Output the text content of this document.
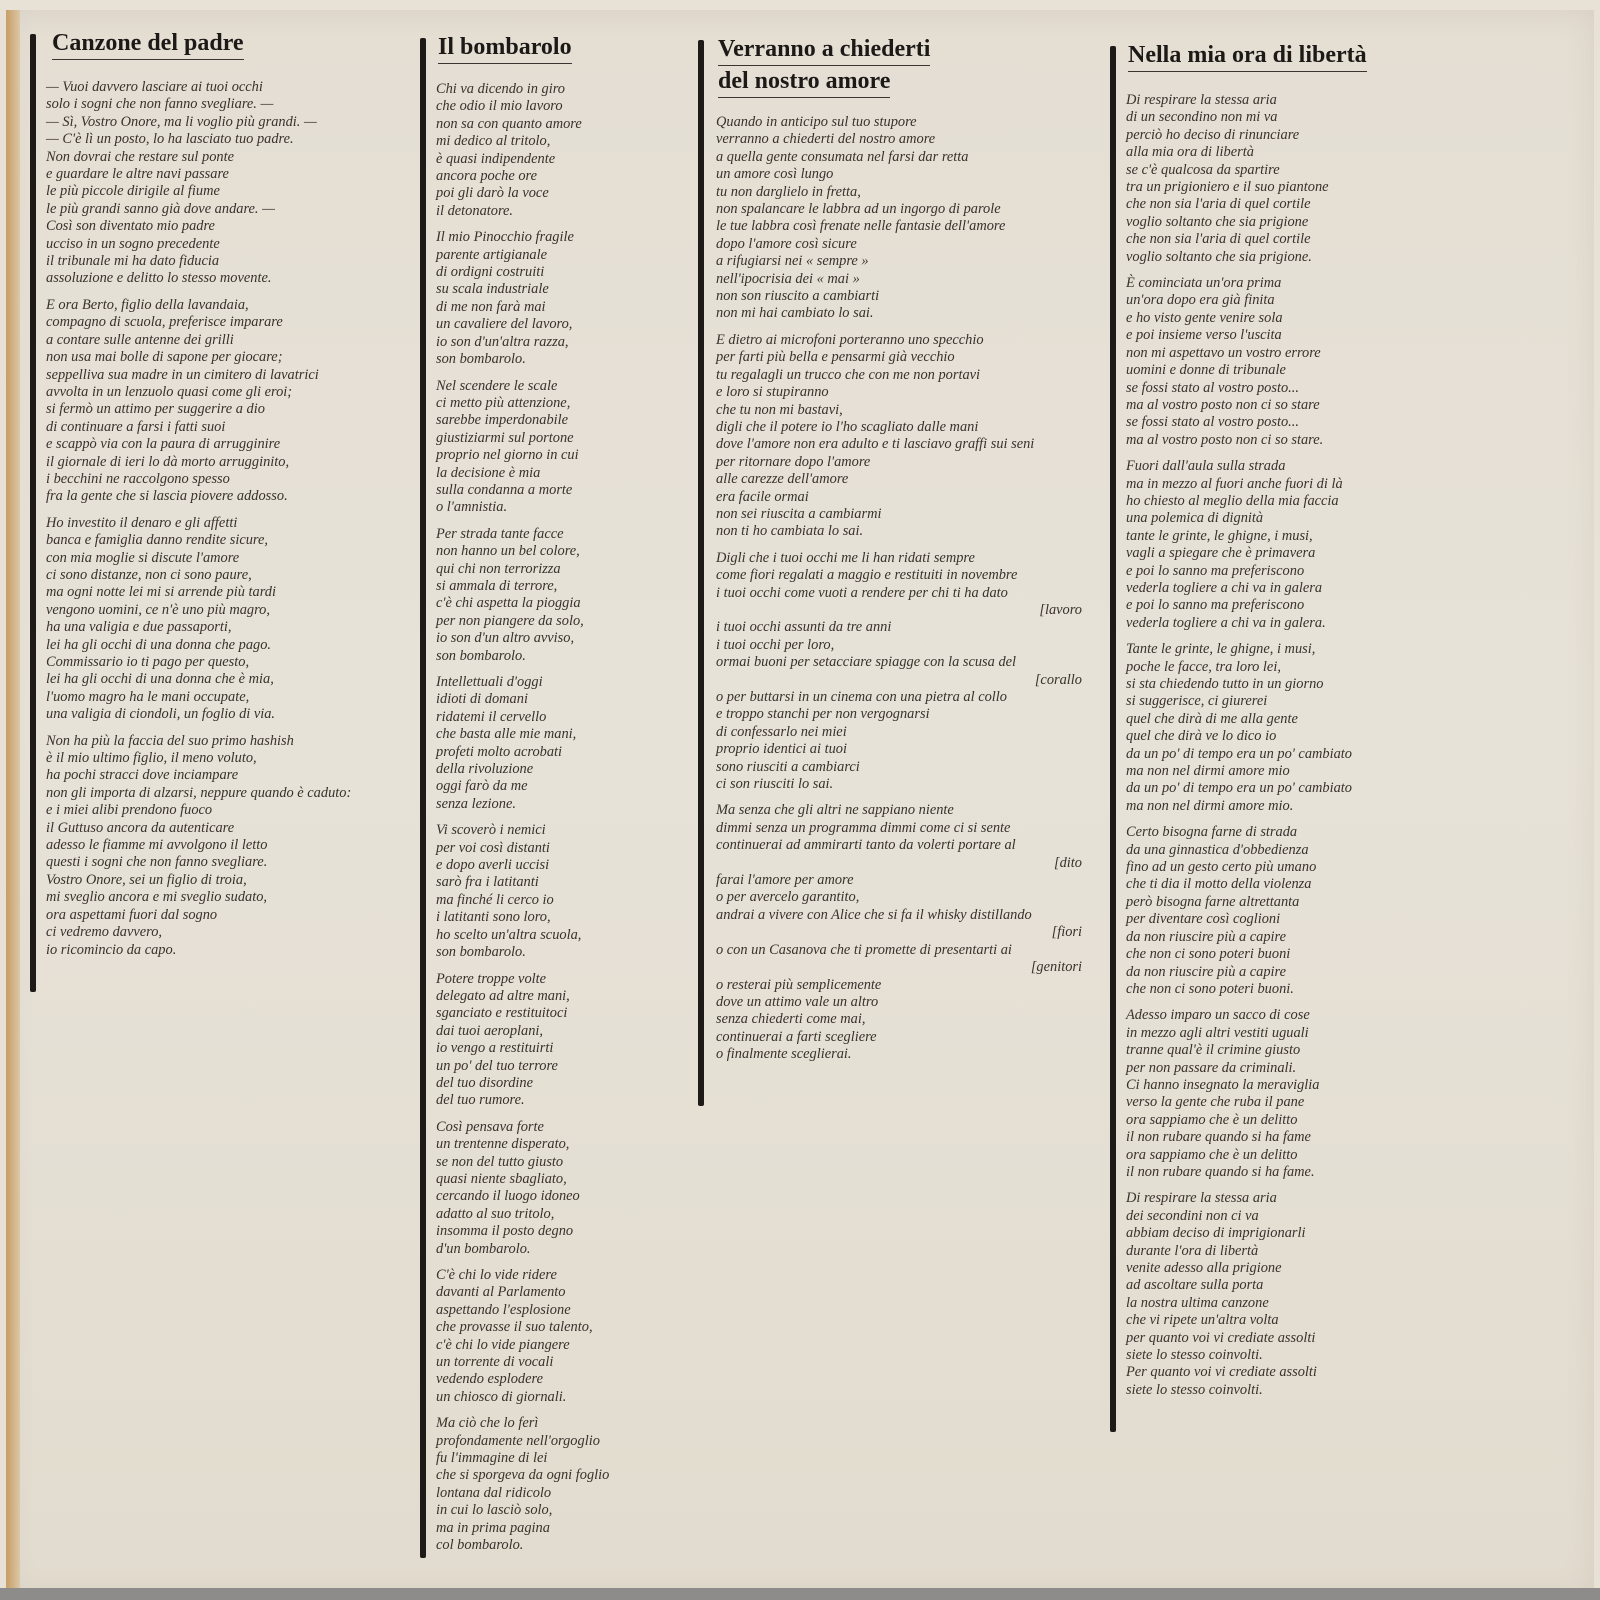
Canzone del padre
— Vuoi davvero lasciare ai tuoi occhi
solo i sogni che non fanno svegliare. —
— Sì, Vostro Onore, ma li voglio più grandi. —
— C'è lì un posto, lo ha lasciato tuo padre.
Non dovrai che restare sul ponte
e guardare le altre navi passare
le più piccole dirigile al fiume
le più grandi sanno già dove andare. —
Così son diventato mio padre
ucciso in un sogno precedente
il tribunale mi ha dato fiducia
assoluzione e delitto lo stesso movente.
E ora Berto, figlio della lavandaia,
compagno di scuola, preferisce imparare
a contare sulle antenne dei grilli
non usa mai bolle di sapone per giocare;
seppelliva sua madre in un cimitero di lavatrici
avvolta in un lenzuolo quasi come gli eroi;
si fermò un attimo per suggerire a dio
di continuare a farsi i fatti suoi
e scappò via con la paura di arrugginire
il giornale di ieri lo dà morto arrugginito,
i becchini ne raccolgono spesso
fra la gente che si lascia piovere addosso.
Ho investito il denaro e gli affetti
banca e famiglia danno rendite sicure,
con mia moglie si discute l'amore
ci sono distanze, non ci sono paure,
ma ogni notte lei mi si arrende più tardi
vengono uomini, ce n'è uno più magro,
ha una valigia e due passaporti,
lei ha gli occhi di una donna che pago.
Commissario io ti pago per questo,
lei ha gli occhi di una donna che è mia,
l'uomo magro ha le mani occupate,
una valigia di ciondoli, un foglio di via.
Non ha più la faccia del suo primo hashish
è il mio ultimo figlio, il meno voluto,
ha pochi stracci dove inciampare
non gli importa di alzarsi, neppure quando è caduto:
e i miei alibi prendono fuoco
il Guttuso ancora da autenticare
adesso le fiamme mi avvolgono il letto
questi i sogni che non fanno svegliare.
Vostro Onore, sei un figlio di troia,
mi sveglio ancora e mi sveglio sudato,
ora aspettami fuori dal sogno
ci vedremo davvero,
io ricomincio da capo.
Il bombarolo
Chi va dicendo in giro
che odio il mio lavoro
non sa con quanto amore
mi dedico al tritolo,
è quasi indipendente
ancora poche ore
poi gli darò la voce
il detonatore.
Il mio Pinocchio fragile
parente artigianale
di ordigni costruiti
su scala industriale
di me non farà mai
un cavaliere del lavoro,
io son d'un'altra razza,
son bombarolo.
Nel scendere le scale
ci metto più attenzione,
sarebbe imperdonabile
giustiziarmi sul portone
proprio nel giorno in cui
la decisione è mia
sulla condanna a morte
o l'amnistia.
Per strada tante facce
non hanno un bel colore,
qui chi non terrorizza
si ammala di terrore,
c'è chi aspetta la pioggia
per non piangere da solo,
io son d'un altro avviso,
son bombarolo.
Intellettuali d'oggi
idioti di domani
ridatemi il cervello
che basta alle mie mani,
profeti molto acrobati
della rivoluzione
oggi farò da me
senza lezione.
Vi scoverò i nemici
per voi così distanti
e dopo averli uccisi
sarò fra i latitanti
ma finché li cerco io
i latitanti sono loro,
ho scelto un'altra scuola,
son bombarolo.
Potere troppe volte
delegato ad altre mani,
sganciato e restituitoci
dai tuoi aeroplani,
io vengo a restituirti
un po' del tuo terrore
del tuo disordine
del tuo rumore.
Così pensava forte
un trentenne disperato,
se non del tutto giusto
quasi niente sbagliato,
cercando il luogo idoneo
adatto al suo tritolo,
insomma il posto degno
d'un bombarolo.
C'è chi lo vide ridere
davanti al Parlamento
aspettando l'esplosione
che provasse il suo talento,
c'è chi lo vide piangere
un torrente di vocali
vedendo esplodere
un chiosco di giornali.
Ma ciò che lo ferì
profondamente nell'orgoglio
fu l'immagine di lei
che si sporgeva da ogni foglio
lontana dal ridicolo
in cui lo lasciò solo,
ma in prima pagina
col bombarolo.
Verranno a chiederti
del nostro amore
Quando in anticipo sul tuo stupore
verranno a chiederti del nostro amore
a quella gente consumata nel farsi dar retta
un amore così lungo
tu non darglielo in fretta,
non spalancare le labbra ad un ingorgo di parole
le tue labbra così frenate nelle fantasie dell'amore
dopo l'amore così sicure
a rifugiarsi nei « sempre »
nell'ipocrisia dei « mai »
non son riuscito a cambiarti
non mi hai cambiato lo sai.
E dietro ai microfoni porteranno uno specchio
per farti più bella e pensarmi già vecchio
tu regalagli un trucco che con me non portavi
e loro si stupiranno
che tu non mi bastavi,
digli che il potere io l'ho scagliato dalle mani
dove l'amore non era adulto e ti lasciavo graffi sui seni
per ritornare dopo l'amore
alle carezze dell'amore
era facile ormai
non sei riuscita a cambiarmi
non ti ho cambiata lo sai.
Digli che i tuoi occhi me li han ridati sempre
come fiori regalati a maggio e restituiti in novembre
i tuoi occhi come vuoti a rendere per chi ti ha dato
[lavoro
i tuoi occhi assunti da tre anni
i tuoi occhi per loro,
ormai buoni per setacciare spiagge con la scusa del
[corallo
o per buttarsi in un cinema con una pietra al collo
e troppo stanchi per non vergognarsi
di confessarlo nei miei
proprio identici ai tuoi
sono riusciti a cambiarci
ci son riusciti lo sai.
Ma senza che gli altri ne sappiano niente
dimmi senza un programma dimmi come ci si sente
continuerai ad ammirarti tanto da volerti portare al
[dito
farai l'amore per amore
o per avercelo garantito,
andrai a vivere con Alice che si fa il whisky distillando
[fiori
o con un Casanova che ti promette di presentarti ai
[genitori
o resterai più semplicemente
dove un attimo vale un altro
senza chiederti come mai,
continuerai a farti scegliere
o finalmente sceglierai.
Nella mia ora di libertà
Di respirare la stessa aria
di un secondino non mi va
perciò ho deciso di rinunciare
alla mia ora di libertà
se c'è qualcosa da spartire
tra un prigioniero e il suo piantone
che non sia l'aria di quel cortile
voglio soltanto che sia prigione
che non sia l'aria di quel cortile
voglio soltanto che sia prigione.
È cominciata un'ora prima
un'ora dopo era già finita
e ho visto gente venire sola
e poi insieme verso l'uscita
non mi aspettavo un vostro errore
uomini e donne di tribunale
se fossi stato al vostro posto...
ma al vostro posto non ci so stare
se fossi stato al vostro posto...
ma al vostro posto non ci so stare.
Fuori dall'aula sulla strada
ma in mezzo al fuori anche fuori di là
ho chiesto al meglio della mia faccia
una polemica di dignità
tante le grinte, le ghigne, i musi,
vagli a spiegare che è primavera
e poi lo sanno ma preferiscono
vederla togliere a chi va in galera
e poi lo sanno ma preferiscono
vederla togliere a chi va in galera.
Tante le grinte, le ghigne, i musi,
poche le facce, tra loro lei,
si sta chiedendo tutto in un giorno
si suggerisce, ci giurerei
quel che dirà di me alla gente
quel che dirà ve lo dico io
da un po' di tempo era un po' cambiato
ma non nel dirmi amore mio
da un po' di tempo era un po' cambiato
ma non nel dirmi amore mio.
Certo bisogna farne di strada
da una ginnastica d'obbedienza
fino ad un gesto certo più umano
che ti dia il motto della violenza
però bisogna farne altrettanta
per diventare così coglioni
da non riuscire più a capire
che non ci sono poteri buoni
da non riuscire più a capire
che non ci sono poteri buoni.
Adesso imparo un sacco di cose
in mezzo agli altri vestiti uguali
tranne qual'è il crimine giusto
per non passare da criminali.
Ci hanno insegnato la meraviglia
verso la gente che ruba il pane
ora sappiamo che è un delitto
il non rubare quando si ha fame
ora sappiamo che è un delitto
il non rubare quando si ha fame.
Di respirare la stessa aria
dei secondini non ci va
abbiam deciso di imprigionarli
durante l'ora di libertà
venite adesso alla prigione
ad ascoltare sulla porta
la nostra ultima canzone
che vi ripete un'altra volta
per quanto voi vi crediate assolti
siete lo stesso coinvolti.
Per quanto voi vi crediate assolti
siete lo stesso coinvolti.
